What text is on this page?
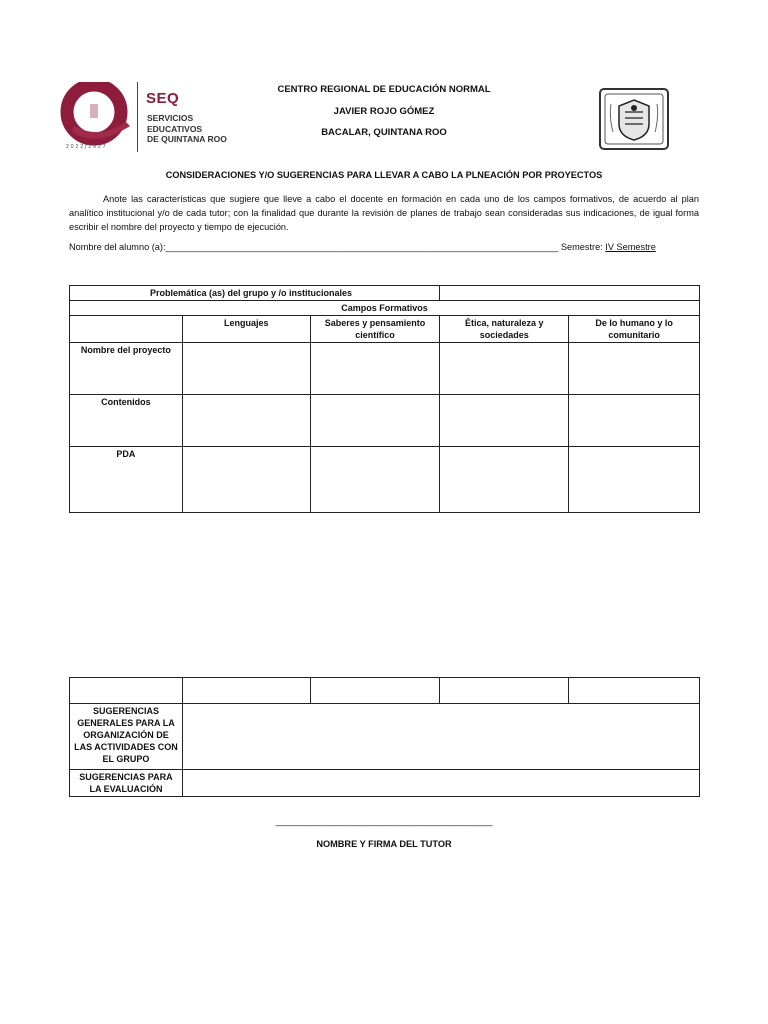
2022|2027
SEQ
SERVICIOS
EDUCATIVOS
DE QUINTANA ROO
CENTRO REGIONAL DE EDUCACIÓN NORMAL
JAVIER ROJO GÓMEZ
BACALAR, QUINTANA ROO
CONSIDERACIONES Y/O SUGERENCIAS PARA LLEVAR A CABO LA PLNEACIÓN POR PROYECTOS
Anote las características que sugiere que lleve a cabo el docente en formación en cada uno de los campos formativos, de acuerdo al plan analítico institucional y/o de cada tutor; con la finalidad que durante la revisión de planes de trabajo sean consideradas sus indicaciones, de igual forma escribir el nombre del proyecto y tiempo de ejecución.
Nombre del alumno (a):________________________________________________________________________________ Semestre: IV Semestre
Problemática (as) del grupo y /o institucionales				
Campos Formativos				
	Lenguajes	Saberes y pensamiento científico	Ética, naturaleza y sociedades	De lo humano y lo comunitario
Nombre del proyecto				
Contenidos				
PDA				

SUGERENCIAS GENERALES PARA LA ORGANIZACIÓN DE LAS ACTIVIDADES CON EL GRUPO				
SUGERENCIAS PARA LA EVALUACIÓN				
_____________________________________________
NOMBRE Y FIRMA DEL TUTOR
